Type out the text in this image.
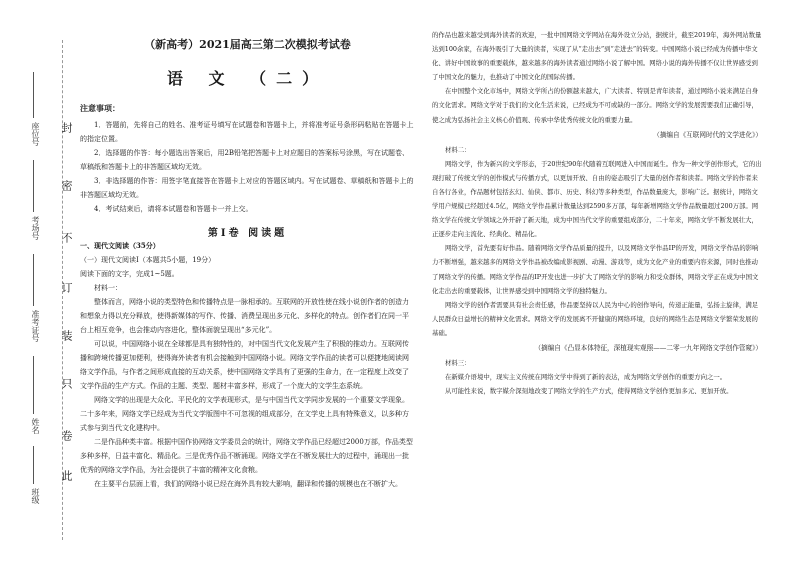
封
密
不
订
装
只
卷
此
座位号
考场号
准考证号
姓名
班级
（新高考）2021届高三第二次模拟考试卷
语 文 （二）
注意事项：

1．答题前，先将自己的姓名、准考证号填写在试题卷和答题卡上，并将准考证号条形码粘贴在答题卡上的指定位置。

2．选择题的作答：每小题选出答案后，用2B铅笔把答题卡上对应题目的答案标号涂黑，写在试题卷、草稿纸和答题卡上的非答题区域均无效。

3．非选择题的作答：用签字笔直接答在答题卡上对应的答题区域内。写在试题卷、草稿纸和答题卡上的非答题区域均无效。

4．考试结束后，请将本试题卷和答题卡一并上交。

第Ⅰ卷 阅读题

一、现代文阅读（35分）

（一）现代文阅读Ⅰ（本题共5小题，19分）

阅读下面的文字，完成1~5题。

材料一：

整体而言，网络小说的类型特色和传播特点是一脉相承的。互联网的开放性使在线小说创作者的创造力和想象力得以充分释放，使得新媒体的写作、传播、消费呈现出多元化、多样化的特点。创作者们在同一平台上相互竞争，也会推动内容进化，整体面貌呈现出“多元化”。

可以说，中国网络小说在全球都是具有独特性的，对中国当代文化发展产生了积极的推动力。互联网传播和跨境传播更加便利，使得海外读者有机会接触到中国网络小说。网络文学作品的读者可以便捷地阅读网络文学作品，与作者之间形成直接的互动关系，使中国网络文学具有了更强的生命力，在一定程度上改变了文学作品的生产方式。作品的主题、类型、题材丰富多样，形成了一个庞大的文学生态系统。

网络文学的出现是大众化、平民化的文学表现形式，是与中国当代文学同步发展的一个重要文学现象。二十多年来，网络文学已经成为当代文学版图中不可忽视的组成部分，在文学史上具有特殊意义，以多种方式参与到当代文化建构中。

二是作品种类丰富。根据中国作协网络文学委员会的统计，网络文学作品已经超过2000万部，作品类型多种多样，日益丰富化、精品化。三是优秀作品不断涌现。网络文学在不断发展壮大的过程中，涌现出一批优秀的网络文学作品，为社会提供了丰富的精神文化食粮。

在主要平台层面上看，我们的网络小说已经在海外具有较大影响，翻译和传播的规模也在不断扩大。

的作品也越来越受到海外读者的欢迎，一批中国网络文学网站在海外设立分站，据统计，截至2019年，海外网站数量达到100余家，在海外吸引了大量的读者，实现了从“走出去”到“走进去”的转变。中国网络小说已经成为传播中华文化、讲好中国故事的重要载体，越来越多的海外读者通过网络小说了解中国。网络小说的海外传播不仅让世界感受到了中国文化的魅力，也推动了中国文化的国际传播。

在中国整个文化市场中，网络文学所占的份额越来越大，广大读者、特别是青年读者，通过网络小说来满足自身的文化需求。网络文学对于我们的文化生活来说，已经成为不可或缺的一部分。网络文学的发展需要我们正确引导，使之成为弘扬社会主义核心价值观、传承中华优秀传统文化的重要力量。

（摘编自《互联网时代的文学进化》）

材料二：

网络文学，作为新兴的文学形态，于20世纪90年代随着互联网进入中国而诞生。作为一种文学创作形式，它的出现打破了传统文学的创作模式与传播方式，以更加开放、自由的姿态吸引了大量的创作者和读者。网络文学的作者来自各行各业，作品题材包括玄幻、仙侠、都市、历史、科幻等多种类型，作品数量庞大，影响广泛。据统计，网络文学用户规模已经超过4.5亿，网络文学作品累计数量达到2590多万部，每年新增网络文学作品数量超过200万部。网络文学在传统文学领域之外开辟了新天地，成为中国当代文学的重要组成部分，二十年来，网络文学不断发展壮大，正逐步走向主流化、经典化、精品化。

网络文学，首先要有好作品。随着网络文学作品质量的提升，以及网络文学作品IP的开发，网络文学作品的影响力不断增强，越来越多的网络文学作品被改编成影视剧、动漫、游戏等，成为文化产业的重要内容来源，同时也推动了网络文学的传播。网络文学作品的IP开发也进一步扩大了网络文学的影响力和受众群体，网络文学正在成为中国文化走出去的重要载体，让世界感受到中国网络文学的独特魅力。

网络文学的创作者需要具有社会责任感，作品要坚持以人民为中心的创作导向，传递正能量，弘扬主旋律，满足人民群众日益增长的精神文化需求。网络文学的发展离不开健康的网络环境，良好的网络生态是网络文学繁荣发展的基础。

（摘编自《凸显本体特征，深植现实观照——二零一九年网络文学创作管窥》）

材料三：

在新媒介语境中，现实主义传统在网络文学中得到了新的表达，成为网络文学创作的重要方向之一。

从可能性来说，数字媒介深刻地改变了网络文学的生产方式，使得网络文学创作更加多元、更加开放。
